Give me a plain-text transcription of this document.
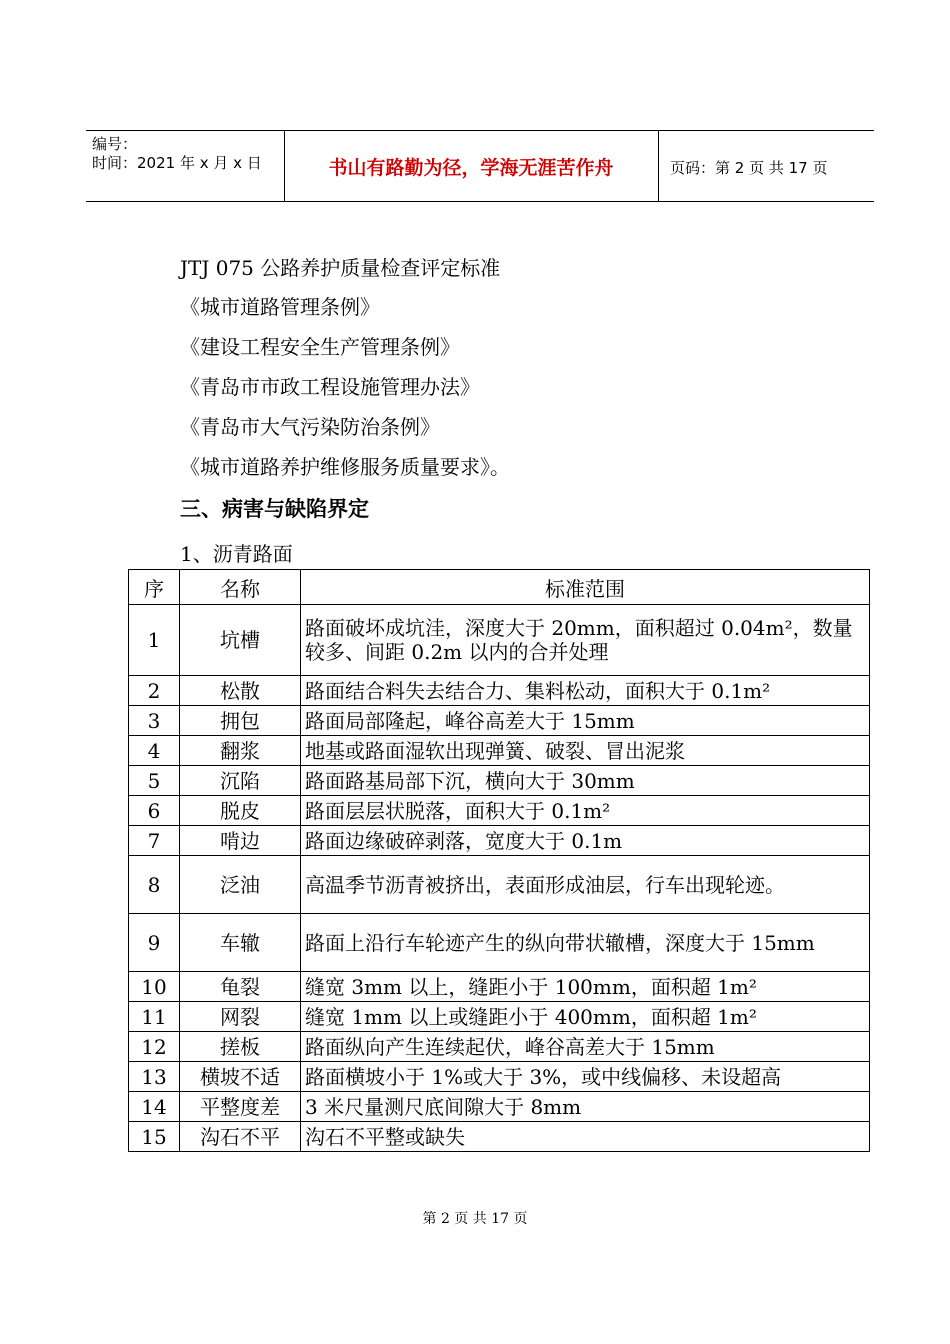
编号：
时间：2021 年 x 月 x 日	书山有路勤为径，学海无涯苦作舟	页码：第 2 页 共 17 页
JTJ 075 公路养护质量检查评定标准
《城市道路管理条例》
《建设工程安全生产管理条例》
《青岛市市政工程设施管理办法》
《青岛市大气污染防治条例》
《城市道路养护维修服务质量要求》。
三、病害与缺陷界定
1、沥青路面
序	名称	标准范围
1	坑槽	路面破坏成坑洼，深度大于 20mm，面积超过 0.04m²，数量较多、间距 0.2m 以内的合并处理
2	松散	路面结合料失去结合力、集料松动，面积大于 0.1m²
3	拥包	路面局部隆起，峰谷高差大于 15mm
4	翻浆	地基或路面湿软出现弹簧、破裂、冒出泥浆
5	沉陷	路面路基局部下沉，横向大于 30mm
6	脱皮	路面层层状脱落，面积大于 0.1m²
7	啃边	路面边缘破碎剥落，宽度大于 0.1m
8	泛油	高温季节沥青被挤出，表面形成油层，行车出现轮迹。
9	车辙	路面上沿行车轮迹产生的纵向带状辙槽，深度大于 15mm
10	龟裂	缝宽 3mm 以上，缝距小于 100mm，面积超 1m²
11	网裂	缝宽 1mm 以上或缝距小于 400mm，面积超 1m²
12	搓板	路面纵向产生连续起伏，峰谷高差大于 15mm
13	横坡不适	路面横坡小于 1%或大于 3%，或中线偏移、未设超高
14	平整度差	3 米尺量测尺底间隙大于 8mm
15	沟石不平	沟石不平整或缺失
第 2 页 共 17 页
